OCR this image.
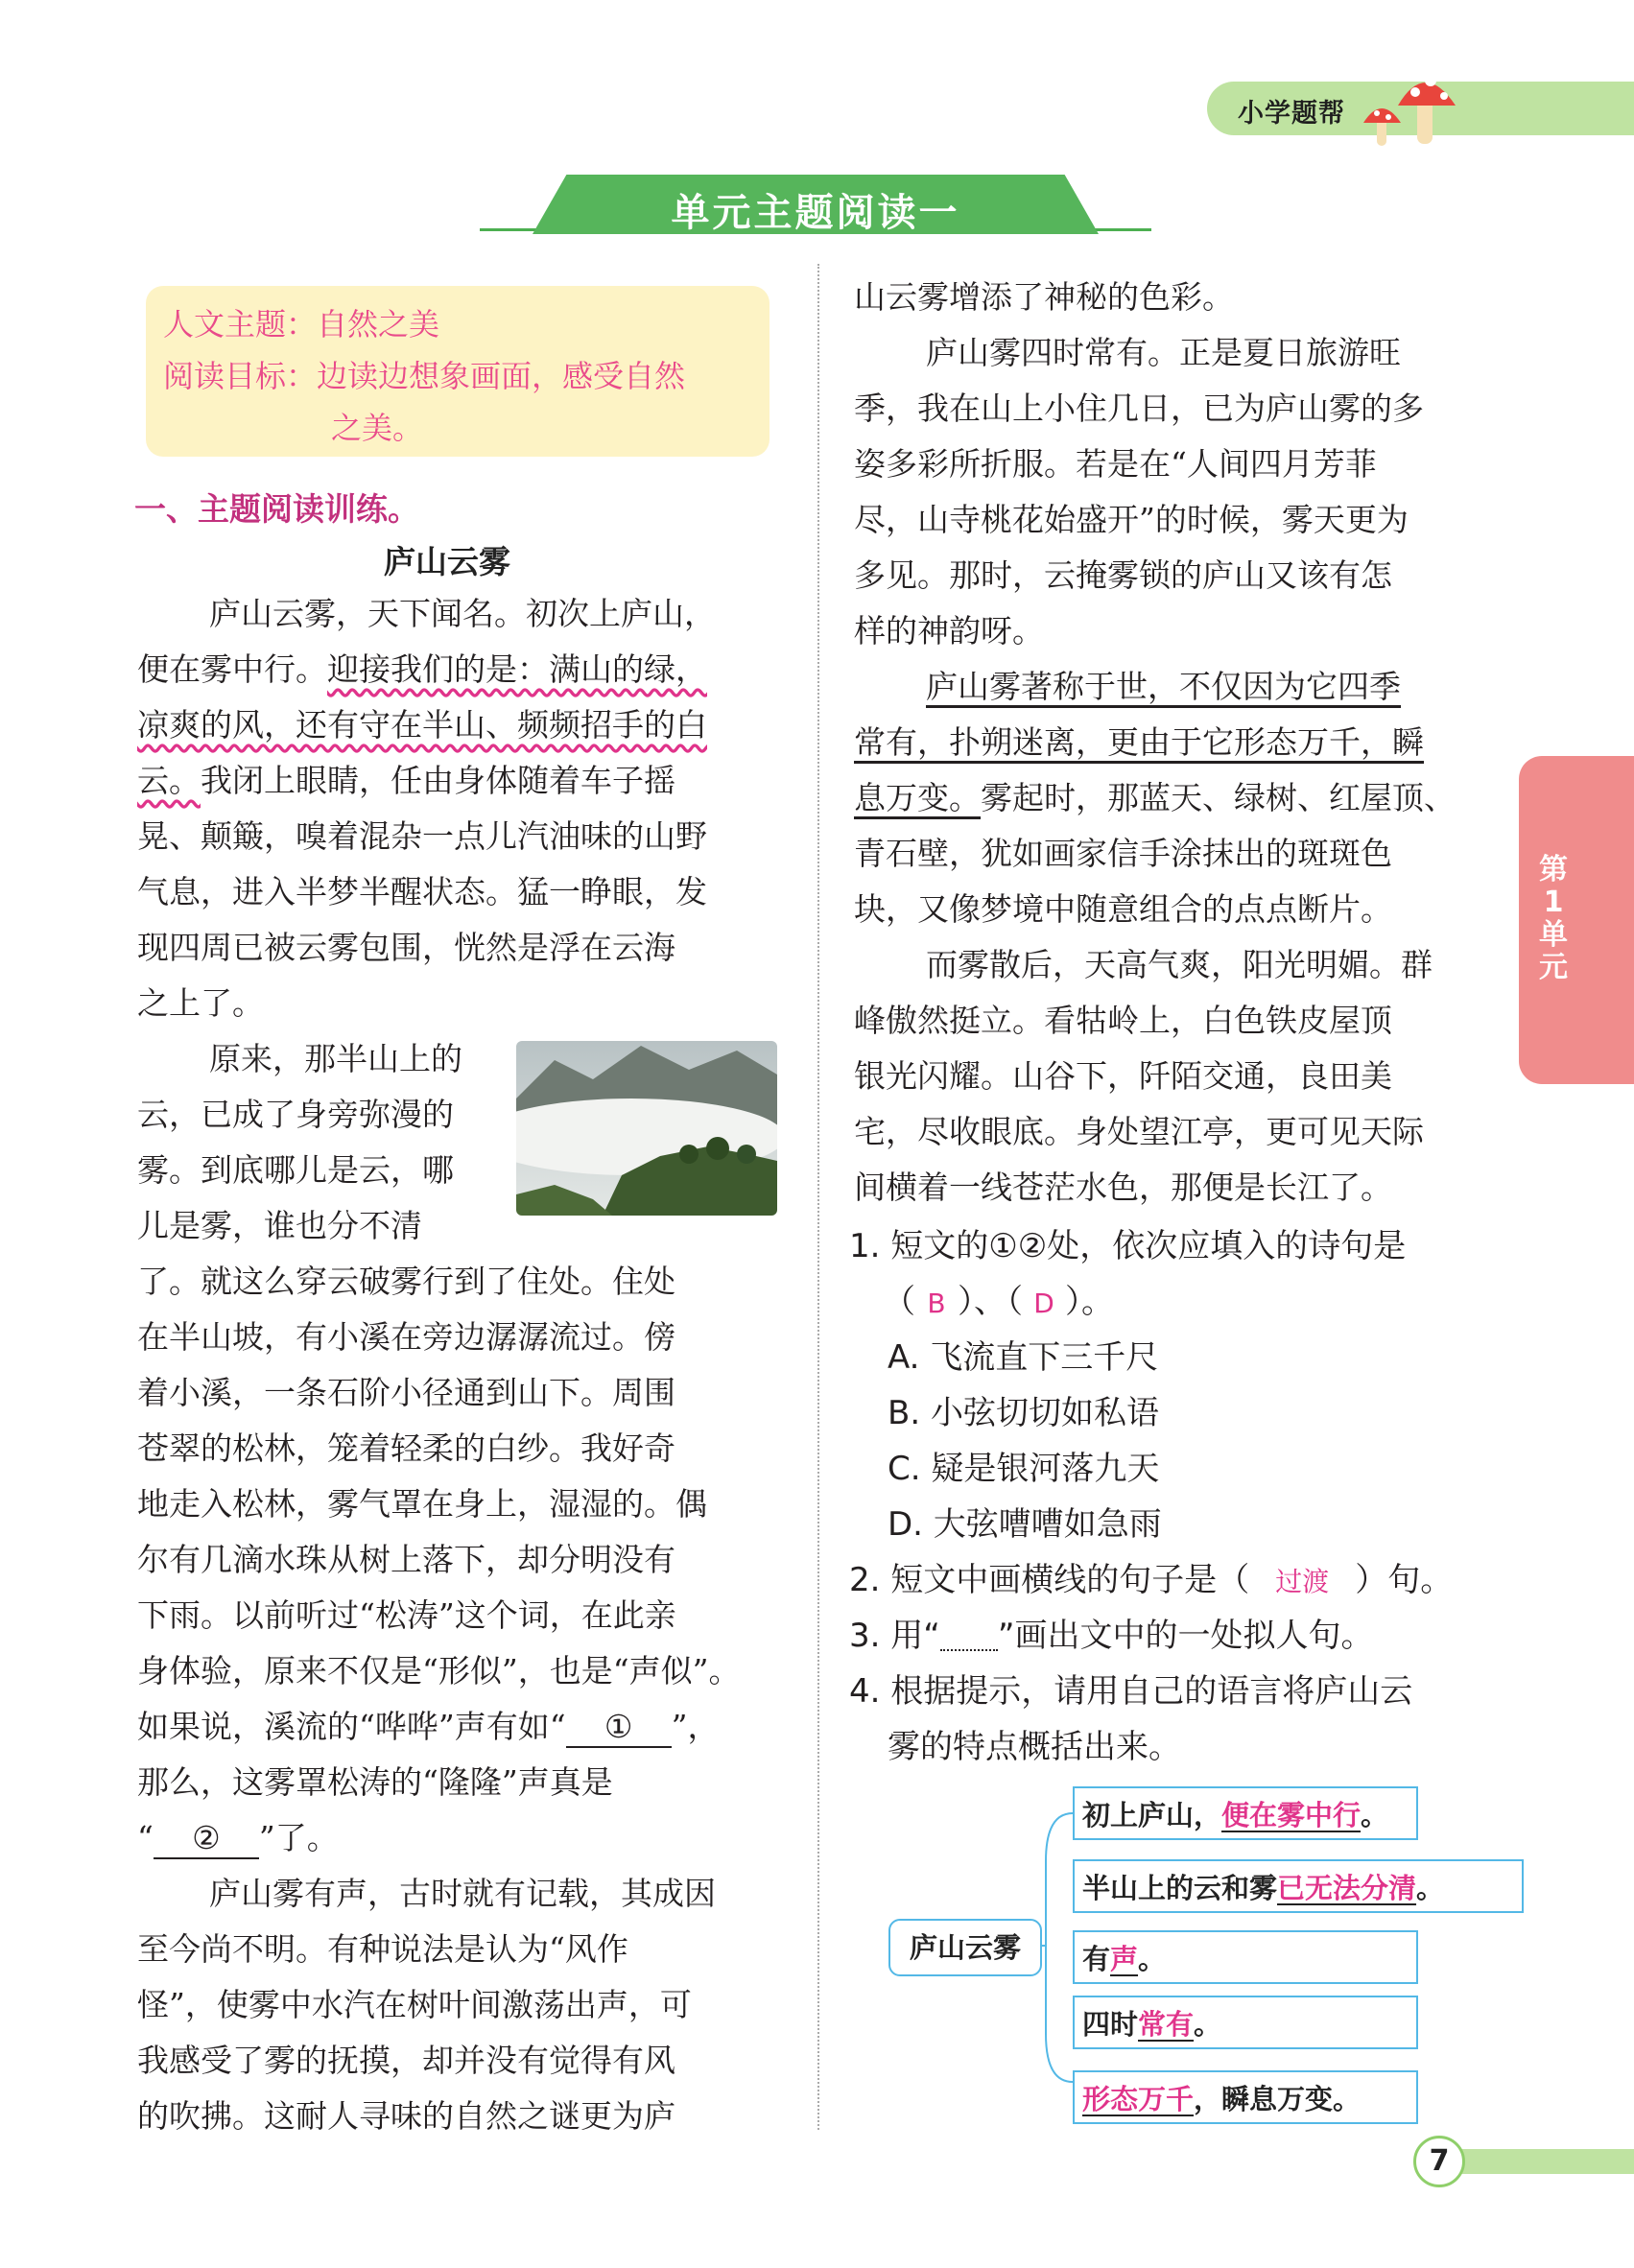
小学题帮
单元主题阅读一
人文主题：自然之美
阅读目标：边读边想象画面，感受自然
之美。
一、主题阅读训练。
庐山云雾
庐山云雾，天下闻名。初次上庐山，
便在雾中行。迎接我们的是：满山的绿，
凉爽的风，还有守在半山、频频招手的白
云。我闭上眼睛，任由身体随着车子摇
晃、颠簸，嗅着混杂一点儿汽油味的山野
气息，进入半梦半醒状态。猛一睁眼，发
现四周已被云雾包围，恍然是浮在云海
之上了。
原来，那半山上的
云，已成了身旁弥漫的
雾。到底哪儿是云，哪
儿是雾，谁也分不清
了。就这么穿云破雾行到了住处。住处
在半山坡，有小溪在旁边潺潺流过。傍
着小溪，一条石阶小径通到山下。周围
苍翠的松林，笼着轻柔的白纱。我好奇
地走入松林，雾气罩在身上，湿湿的。偶
尔有几滴水珠从树上落下，却分明没有
下雨。以前听过“松涛”这个词，在此亲
身体验，原来不仅是“形似”，也是“声似”。
如果说，溪流的“哗哗”声有如“ ① ”，
那么，这雾罩松涛的“隆隆”声真是
“ ② ”了。
庐山雾有声，古时就有记载，其成因
至今尚不明。有种说法是认为“风作
怪”，使雾中水汽在树叶间激荡出声，可
我感受了雾的抚摸，却并没有觉得有风
的吹拂。这耐人寻味的自然之谜更为庐
山云雾增添了神秘的色彩。
庐山雾四时常有。正是夏日旅游旺
季，我在山上小住几日，已为庐山雾的多
姿多彩所折服。若是在“人间四月芳菲
尽，山寺桃花始盛开”的时候，雾天更为
多见。那时，云掩雾锁的庐山又该有怎
样的神韵呀。
庐山雾著称于世，不仅因为它四季
常有，扑朔迷离，更由于它形态万千，瞬
息万变。雾起时，那蓝天、绿树、红屋顶、
青石壁，犹如画家信手涂抹出的斑斑色
块，又像梦境中随意组合的点点断片。
而雾散后，天高气爽，阳光明媚。群
峰傲然挺立。看牯岭上，白色铁皮屋顶
银光闪耀。山谷下，阡陌交通，良田美
宅，尽收眼底。身处望江亭，更可见天际
间横着一线苍茫水色，那便是长江了。
1. 短文的①②处，依次应填入的诗句是
（ B ）、（ D ）。
A. 飞流直下三千尺
B. 小弦切切如私语
C. 疑是银河落九天
D. 大弦嘈嘈如急雨
2. 短文中画横线的句子是（ 过渡 ）句。
3. 用“ ”画出文中的一处拟人句。
4. 根据提示，请用自己的语言将庐山云
雾的特点概括出来。
庐山云雾
初上庐山，便在雾中行。
半山上的云和雾已无法分清。
有声。
四时常有。
形态万千，瞬息万变。
第
1
单
元
7
